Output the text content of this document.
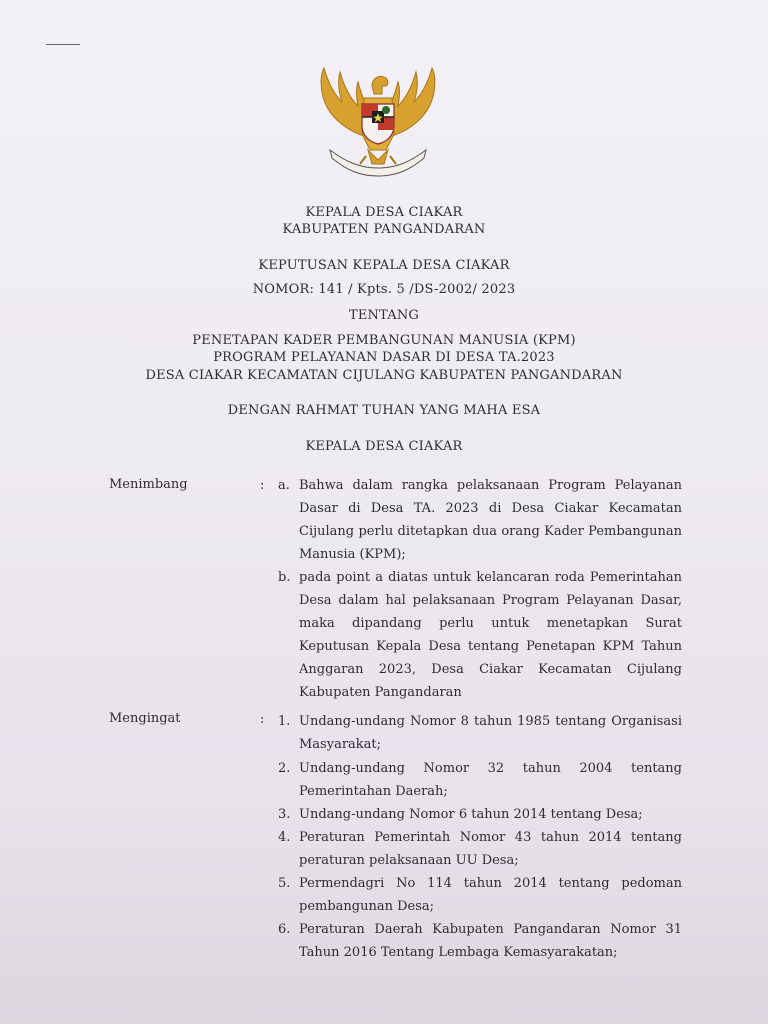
KEPALA DESA CIAKAR
KABUPATEN PANGANDARAN
KEPUTUSAN KEPALA DESA CIAKAR
NOMOR: 141 / Kpts. 5 /DS-2002/ 2023
TENTANG
PENETAPAN KADER PEMBANGUNAN MANUSIA (KPM)
PROGRAM PELAYANAN DASAR DI DESA TA.2023
DESA CIAKAR KECAMATAN CIJULANG KABUPATEN PANGANDARAN
DENGAN RAHMAT TUHAN YANG MAHA ESA
KEPALA DESA CIAKAR
Menimbang	: a. Bahwa dalam rangka pelaksanaan Program Pelayanan Dasar di Desa TA. 2023 di Desa Ciakar Kecamatan Cijulang perlu ditetapkan dua orang Kader Pembangunan Manusia (KPM);
b. pada point a diatas untuk kelancaran roda Pemerintahan Desa dalam hal pelaksanaan Program Pelayanan Dasar, maka dipandang perlu untuk menetapkan Surat Keputusan Kepala Desa tentang Penetapan KPM Tahun Anggaran 2023, Desa Ciakar Kecamatan Cijulang Kabupaten Pangandaran
Mengingat	: 1. Undang-undang Nomor 8 tahun 1985 tentang Organisasi Masyarakat;
2. Undang-undang Nomor 32 tahun 2004 tentang Pemerintahan Daerah;
3. Undang-undang Nomor 6 tahun 2014 tentang Desa;
4. Peraturan Pemerintah Nomor 43 tahun 2014 tentang peraturan pelaksanaan UU Desa;
5. Permendagri No 114 tahun 2014 tentang pedoman pembangunan Desa;
6. Peraturan Daerah Kabupaten Pangandaran Nomor 31 Tahun 2016 Tentang Lembaga Kemasyarakatan;
